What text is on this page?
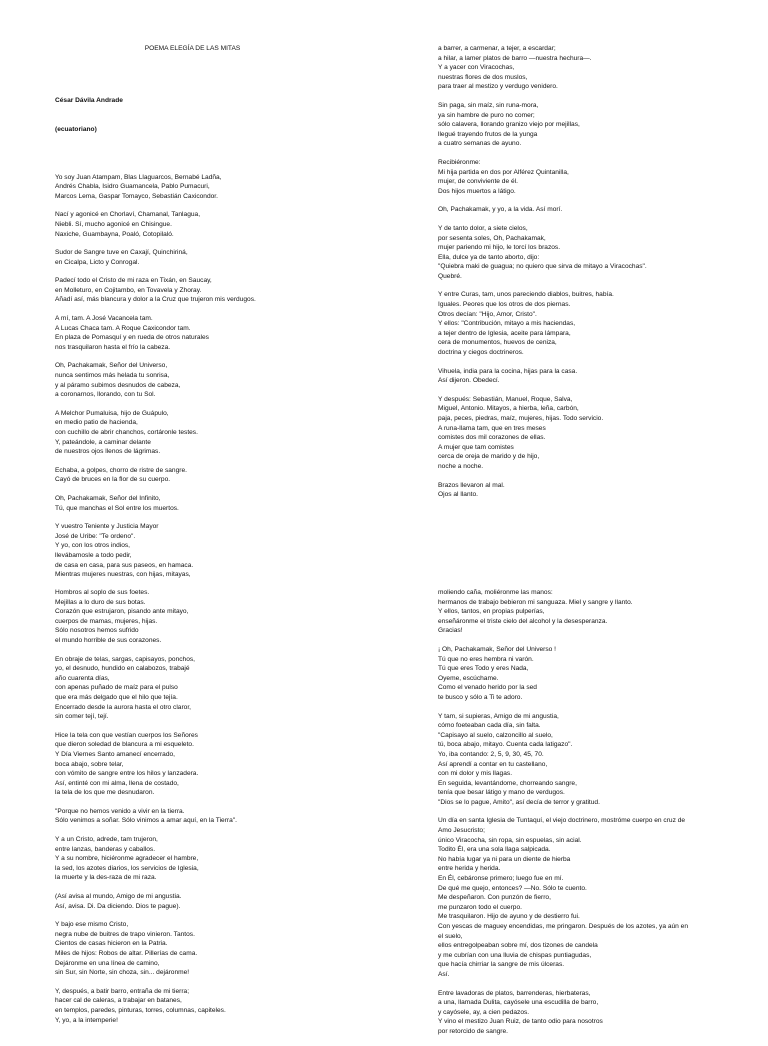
POEMA ELEGÍA DE LAS MITAS

César Dávila Andrade

(ecuatoriano)

Yo soy Juan Atampam, Blas Llaguarcos, Bernabé Ladña,
Andrés Chabla, Isidro Guamancela, Pablo Pumacuri,
Marcos Lema, Gaspar Tomayco, Sebastián Caxicondor.
Nací y agonicé en Chorlaví, Chamanal, Tanlagua,
Niebli. Sí, mucho agonicé en Chisingue.
Naxiche, Guambayna, Poaló, Cotopilaló.
Sudor de Sangre tuve en Caxají, Quinchiriná,
en Cicalpa, Licto y Conrogal.
Padecí todo el Cristo de mi raza en Tixán, en Saucay,
en Molleturo, en Cojitambo, en Tovavela y Zhoray.
Añadí así, más blancura y dolor a la Cruz que trujeron mis verdugos.
A mí, tam. A José Vacancela tam.
A Lucas Chaca tam. A Roque Caxicondor tam.
En plaza de Pomasquí y en rueda de otros naturales
nos trasquilaron hasta el frío la cabeza.
Oh, Pachakamak, Señor del Universo,
nunca sentimos más helada tu sonrisa,
y al páramo subimos desnudos de cabeza,
a coronarnos, llorando, con tu Sol.
A Melchor Pumaluisa, hijo de Guápulo,
en medio patio de hacienda,
con cuchillo de abrir chanchos, cortáronle testes.
Y, pateándole, a caminar delante
de nuestros ojos llenos de lágrimas.
Echaba, a golpes, chorro de ristre de sangre.
Cayó de bruces en la flor de su cuerpo.
Oh, Pachakamak, Señor del Infinito,
Tú, que manchas el Sol entre los muertos.
Y vuestro Teniente y Justicia Mayor
José de Uribe: "Te ordeno".
Y yo, con los otros indios,
llevábamosle a todo pedir,
de casa en casa, para sus paseos, en hamaca.
Mientras mujeres nuestras, con hijas, mitayas,
a barrer, a carmenar, a tejer, a escardar;
a hilar, a lamer platos de barro —nuestra hechura—.
Y a yacer con Viracochas,
nuestras flores de dos muslos,
para traer al mestizo y verdugo venidero.
Sin paga, sin maíz, sin runa-mora,
ya sin hambre de puro no comer;
sólo calavera, llorando granizo viejo por mejillas,
llegué trayendo frutos de la yunga
a cuatro semanas de ayuno.
Recibiéronme:
Mi hija partida en dos por Alférez Quintanilla,
mujer, de conviviente de él.
Dos hijos muertos a látigo.
Oh, Pachakamak, y yo, a la vida. Así morí.
Y de tanto dolor, a siete cielos,
por sesenta soles, Oh, Pachakamak,
mujer pariendo mi hijo, le torcí los brazos.
Ella, dulce ya de tanto aborto, dijo:
"Quiebra maki de guagua; no quiero que sirva de mitayo a Viracochas".
Quebré.
Y entre Curas, tam, unos pareciendo diablos, buitres, había.
Iguales. Peores que los otros de dos piernas.
Otros decían: "Hijo, Amor, Cristo".
Y ellos: "Contribución, mitayo a mis haciendas,
a tejer dentro de Iglesia, aceite para lámpara,
cera de monumentos, huevos de ceniza,
doctrina y ciegos doctrineros.
Vihuela, india para la cocina, hijas para la casa.
Así dijeron. Obedecí.
Y después: Sebastián, Manuel, Roque, Salva,
Miguel, Antonio. Mitayos, a hierba, leña, carbón,
paja, peces, piedras, maíz, mujeres, hijas. Todo servicio.
A runa-llama tam, que en tres meses
comistes dos mil corazones de ellas.
A mujer que tam comistes
cerca de oreja de marido y de hijo,
noche a noche.
Brazos llevaron al mal.
Ojos al llanto.
Hombros al soplo de sus foetes.
Mejillas a lo duro de sus botas.
Corazón que estrujaron, pisando ante mitayo,
cuerpos de mamas, mujeres, hijas.
Sólo nosotros hemos sufrido
el mundo horrible de sus corazones.
En obraje de telas, sargas, capisayos, ponchos,
yo, el desnudo, hundido en calabozos, trabajé
año cuarenta días,
con apenas puñado de maíz para el pulso
que era más delgado que el hilo que tejía.
Encerrado desde la aurora hasta el otro claror,
sin comer tejí, tejí.
Hice la tela con que vestían cuerpos los Señores
que dieron soledad de blancura a mi esqueleto.
Y Día Viernes Santo amanecí encerrado,
boca abajo, sobre telar,
con vómito de sangre entre los hilos y lanzadera.
Así, entinté con mi alma, llena de costado,
la tela de los que me desnudaron.
"Porque no hemos venido a vivir en la tierra.
Sólo venimos a soñar. Sólo vinimos a amar aquí, en la Tierra".
Y a un Cristo, adrede, tam trujeron,
entre lanzas, banderas y caballos.
Y a su nombre, hiciéronme agradecer el hambre,
la sed, los azotes diarios, los servicios de Iglesia,
la muerte y la des-raza de mi raza.
(Así avisa al mundo, Amigo de mi angustia.
Así, avisa. Di. Da diciendo. Dios te pague).
Y bajo ese mismo Cristo,
negra nube de buitres de trapo vinieron. Tantos.
Cientos de casas hicieron en la Patria.
Miles de hijos: Robos de altar. Pillerías de cama.
Dejáronme en una línea de camino,
sin Sur, sin Norte, sin choza, sin... dejáronme!
Y, después, a batir barro, entraña de mi tierra;
hacer cal de caleras, a trabajar en batanes,
en templos, paredes, pinturas, torres, columnas, capiteles.
Y, yo, a la intemperie!
moliendo caña, moliéronme las manos:
hermanos de trabajo bebieron mi sanguaza. Miel y sangre y llanto.
Y ellos, tantos, en propias pulperías,
enseñáronme el triste cielo del alcohol y la desesperanza.
Gracias!
¡ Oh, Pachakamak, Señor del Universo !
Tú que no eres hembra ni varón.
Tú que eres Todo y eres Nada,
Oyeme, escúchame.
Como el venado herido por la sed
te busco y sólo a Ti te adoro.
Y tam, si supieras, Amigo de mi angustia,
cómo foeteaban cada día, sin falta.
"Capisayo al suelo, calzoncillo al suelo,
tú, boca abajo, mitayo. Cuenta cada latigazo".
Yo, iba contando: 2, 5, 9, 30, 45, 70.
Así aprendí a contar en tu castellano,
con mi dolor y mis llagas.
En seguida, levantándome, chorreando sangre,
tenía que besar látigo y mano de verdugos.
"Dios se lo pague, Amito", así decía de terror y gratitud.
Un día en santa Iglesia de Tuntaquí, el viejo doctrinero, mostróme cuerpo en cruz de
Amo Jesucristo;
único Viracocha, sin ropa, sin espuelas, sin acial.
Todito Él, era una sola llaga salpicada.
No había lugar ya ni para un diente de hierba
entre herida y herida.
En Él, cebáronse primero; luego fue en mí.
De qué me quejo, entonces? —No. Sólo te cuento.
Me despeñaron. Con punzón de fierro,
me punzaron todo el cuerpo.
Me trasquilaron. Hijo de ayuno y de destierro fui.
Con yescas de maguey encendidas, me pringaron. Después de los azotes, ya aún en
el suelo,
ellos entregolpeaban sobre mí, dos tizones de candela
y me cubrían con una lluvia de chispas puntiagudas,
que hacía chirriar la sangre de mis úlceras.
Así.
Entre lavadoras de platos, barrenderas, hierbateras,
a una, llamada Dulita, cayósele una escudilla de barro,
y cayósele, ay, a cien pedazos.
Y vino el mestizo Juan Ruiz, de tanto odio para nosotros
por retorcido de sangre.
